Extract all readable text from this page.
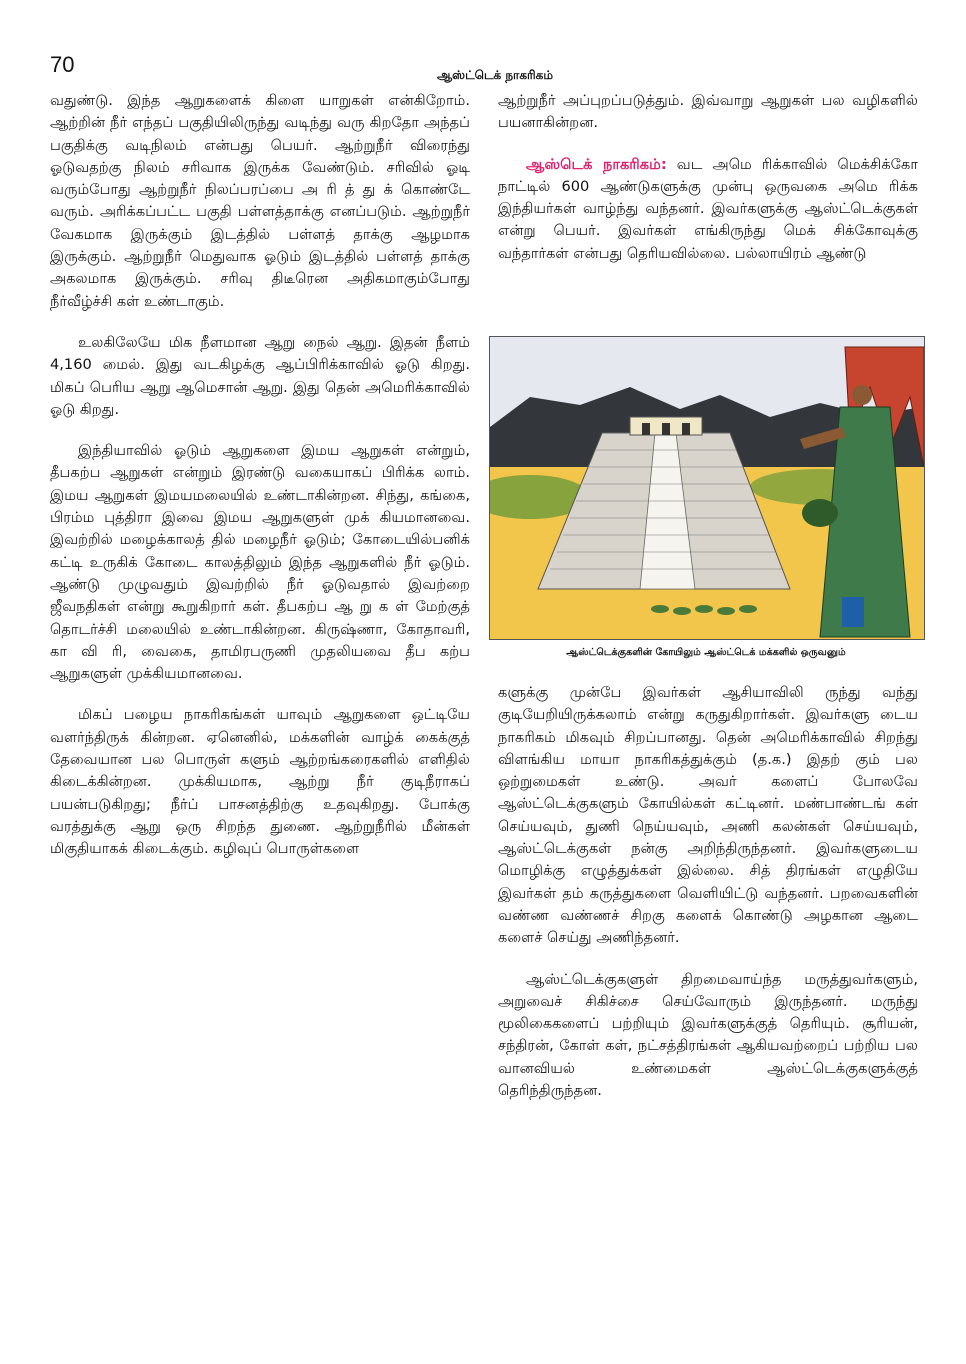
70	ஆஸ்ட்டெக் நாகரிகம்

வதுண்டு. இந்த ஆறுகளைக் கிளை யாறுகள் என்கிறோம். ஆற்றின் நீர் எந்தப் பகுதியிலிருந்து வடிந்து வரு கிறதோ அந்தப் பகுதிக்கு வடிநிலம் என்பது பெயர். ஆற்றுநீர் விரைந்து ஓடுவதற்கு நிலம் சரிவாக இருக்க வேண்டும். சரிவில் ஓடி வரும்போது ஆற்றுநீர் நிலப்பரப்பை அ ரி த் து க் கொண்டே வரும். அரிக்கப்பட்ட பகுதி பள்ளத்தாக்கு எனப்படும். ஆற்றுநீர் வேகமாக இருக்கும் இடத்தில் பள்ளத் தாக்கு ஆழமாக இருக்கும். ஆற்றுநீர் மெதுவாக ஓடும் இடத்தில் பள்ளத் தாக்கு அகலமாக இருக்கும். சரிவு திடீரென அதிகமாகும்போது நீர்வீழ்ச்சி கள் உண்டாகும்.

உலகிலேயே மிக நீளமான ஆறு நைல் ஆறு. இதன் நீளம் 4,160 மைல். இது வடகிழக்கு ஆப்பிரிக்காவில் ஓடு கிறது. மிகப் பெரிய ஆறு ஆமெசான் ஆறு. இது தென் அமெரிக்காவில் ஓடு கிறது.

இந்தியாவில் ஓடும் ஆறுகளை இமய ஆறுகள் என்றும், தீபகற்ப ஆறுகள் என்றும் இரண்டு வகையாகப் பிரிக்க லாம். இமய ஆறுகள் இமயமலையில் உண்டாகின்றன. சிந்து, கங்கை, பிரம்ம புத்திரா இவை இமய ஆறுகளுள் முக் கியமானவை. இவற்றில் மழைக்காலத் தில் மழைநீர் ஓடும்; கோடையில்பனிக் கட்டி உருகிக் கோடை காலத்திலும் இந்த ஆறுகளில் நீர் ஓடும். ஆண்டு முழுவதும் இவற்றில் நீர் ஓடுவதால் இவற்றை ஜீவநதிகள் என்று கூறுகிறார் கள். தீபகற்ப ஆ று க ள் மேற்குத் தொடர்ச்சி மலையில் உண்டாகின்றன. கிருஷ்ணா, கோதாவரி, கா வி ரி, வைகை, தாமிரபருணி முதலியவை தீப கற்ப ஆறுகளுள் முக்கியமானவை.

மிகப் பழைய நாகரிகங்கள் யாவும் ஆறுகளை ஒட்டியே வளர்ந்திருக் கின்றன. ஏனெனில், மக்களின் வாழ்க் கைக்குத் தேவையான பல பொருள் களும் ஆற்றங்கரைகளில் எளிதில் கிடைக்கின்றன. முக்கியமாக, ஆற்று நீர் குடிநீராகப் பயன்படுகிறது; நீர்ப் பாசனத்திற்கு உதவுகிறது. போக்கு வரத்துக்கு ஆறு ஒரு சிறந்த துணை. ஆற்றுநீரில் மீன்கள் மிகுதியாகக் கிடைக்கும். கழிவுப் பொருள்களை

ஆற்றுநீர் அப்புறப்படுத்தும். இவ்வாறு ஆறுகள் பல வழிகளில் பயனாகின்றன.

ஆஸ்டெக் நாகரிகம்: வட அமெ ரிக்காவில் மெக்சிக்கோ நாட்டில் 600 ஆண்டுகளுக்கு முன்பு ஒருவகை அமெ ரிக்க இந்தியர்கள் வாழ்ந்து வந்தனர். இவர்களுக்கு ஆஸ்ட்டெக்குகள் என்று பெயர். இவர்கள் எங்கிருந்து மெக் சிக்கோவுக்கு வந்தார்கள் என்பது தெரியவில்லை. பல்லாயிரம் ஆண்டு

ஆஸ்ட்டெக்குகளின் கோயிலும் ஆஸ்ட்டெக் மக்களில் ஒருவனும்

களுக்கு முன்பே இவர்கள் ஆசியாவிலி ருந்து வந்து குடியேறியிருக்கலாம் என்று கருதுகிறார்கள். இவர்களு டைய நாகரிகம் மிகவும் சிறப்பானது. தென் அமெரிக்காவில் சிறந்து விளங்கிய மாயா நாகரிகத்துக்கும் (த.க.) இதற் கும் பல ஒற்றுமைகள் உண்டு. அவர் களைப் போலவே ஆஸ்ட்டெக்குகளும் கோயில்கள் கட்டினர். மண்பாண்டங் கள் செய்யவும், துணி நெய்யவும், அணி கலன்கள் செய்யவும், ஆஸ்ட்டெக்குகள் நன்கு அறிந்திருந்தனர். இவர்களுடைய மொழிக்கு எழுத்துக்கள் இல்லை. சித் திரங்கள் எழுதியே இவர்கள் தம் கருத்துகளை வெளியிட்டு வந்தனர். பறவைகளின் வண்ண வண்ணச் சிறகு களைக் கொண்டு அழகான ஆடை களைச் செய்து அணிந்தனர்.

ஆஸ்ட்டெக்குகளுள் திறமைவாய்ந்த மருத்துவர்களும், அறுவைச் சிகிச்சை செய்வோரும் இருந்தனர். மருந்து மூலிகைகளைப் பற்றியும் இவர்களுக்குத் தெரியும். சூரியன், சந்திரன், கோள் கள், நட்சத்திரங்கள் ஆகியவற்றைப் பற்றிய பல வானவியல் உண்மைகள் ஆஸ்ட்டெக்குகளுக்குத் தெரிந்திருந்தன.
